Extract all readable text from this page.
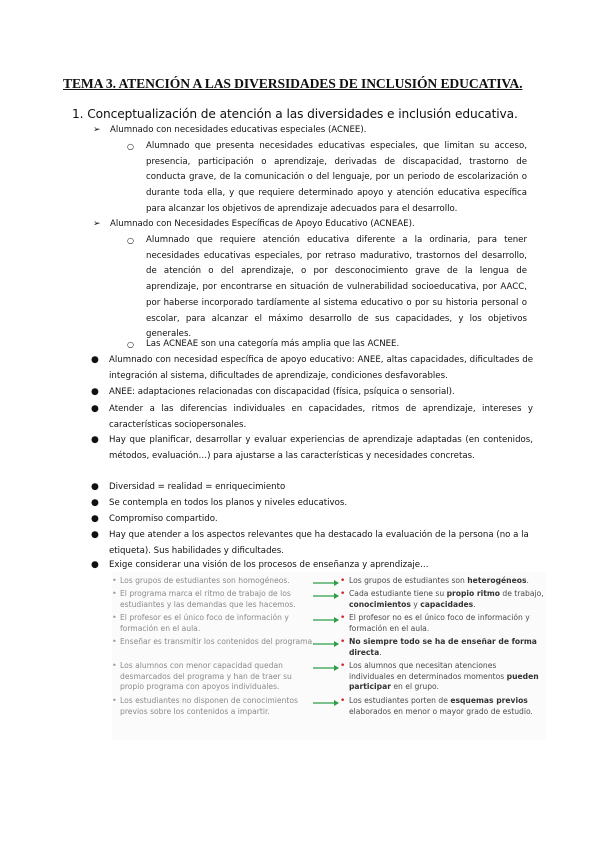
TEMA 3. ATENCIÓN A LAS DIVERSIDADES DE INCLUSIÓN EDUCATIVA.
1. Conceptualización de atención a las diversidades e inclusión educativa.
➢ Alumnado con necesidades educativas especiales (ACNEE).
○ Alumnado que presenta necesidades educativas especiales, que limitan su acceso, presencia, participación o aprendizaje, derivadas de discapacidad, trastorno de conducta grave, de la comunicación o del lenguaje, por un periodo de escolarización o durante toda ella, y que requiere determinado apoyo y atención educativa específica para alcanzar los objetivos de aprendizaje adecuados para el desarrollo.
➢ Alumnado con Necesidades Específicas de Apoyo Educativo (ACNEAE).
○ Alumnado que requiere atención educativa diferente a la ordinaria, para tener necesidades educativas especiales, por retraso madurativo, trastornos del desarrollo, de atención o del aprendizaje, o por desconocimiento grave de la lengua de aprendizaje, por encontrarse en situación de vulnerabilidad socioeducativa, por AACC, por haberse incorporado tardíamente al sistema educativo o por su historia personal o escolar, para alcanzar el máximo desarrollo de sus capacidades, y los objetivos generales.
○ Las ACNEAE son una categoría más amplia que las ACNEE.
● Alumnado con necesidad específica de apoyo educativo: ANEE, altas capacidades, dificultades de integración al sistema, dificultades de aprendizaje, condiciones desfavorables.
● ANEE: adaptaciones relacionadas con discapacidad (física, psíquica o sensorial).
● Atender a las diferencias individuales en capacidades, ritmos de aprendizaje, intereses y características sociopersonales.
● Hay que planificar, desarrollar y evaluar experiencias de aprendizaje adaptadas (en contenidos, métodos, evaluación…) para ajustarse a las características y necesidades concretas.
● Diversidad = realidad = enriquecimiento
● Se contempla en todos los planos y niveles educativos.
● Compromiso compartido.
● Hay que atender a los aspectos relevantes que ha destacado la evaluación de la persona (no a la etiqueta). Sus habilidades y dificultades.
● Exige considerar una visión de los procesos de enseñanza y aprendizaje…
• Los grupos de estudiantes son homogéneos.	• Los grupos de estudiantes son heterogéneos.
• El programa marca el ritmo de trabajo de los estudiantes y las demandas que les hacemos.
• Cada estudiante tiene su propio ritmo de trabajo, conocimientos y capacidades.
• El profesor es el único foco de información y formación en el aula.
• El profesor no es el único foco de información y formación en el aula.
• Enseñar es transmitir los contenidos del programa.	• No siempre todo se ha de enseñar de forma directa.
• Los alumnos con menor capacidad quedan desmarcados del programa y han de traer su propio programa con apoyos individuales.
• Los alumnos que necesitan atenciones individuales en determinados momentos pueden participar en el grupo.
• Los estudiantes no disponen de conocimientos previos sobre los contenidos a impartir.
• Los estudiantes porten de esquemas previos elaborados en menor o mayor grado de estudio.
